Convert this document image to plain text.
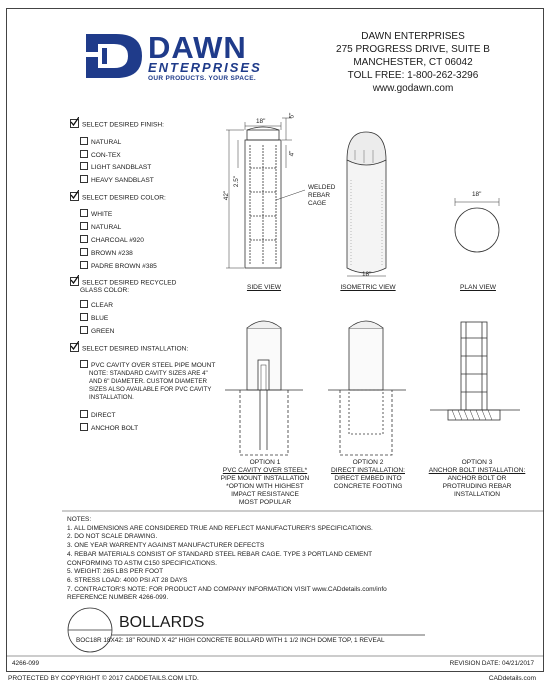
DAWN
ENTERPRISES
OUR PRODUCTS. YOUR SPACE.
DAWN ENTERPRISES
275 PROGRESS DRIVE, SUITE B
MANCHESTER, CT 06042
TOLL FREE: 1-800-262-3296
www.godawn.com
SELECT DESIRED FINISH:
NATURAL
CON-TEX
LIGHT SANDBLAST
HEAVY SANDBLAST
SELECT DESIRED COLOR:
WHITE
NATURAL
CHARCOAL #920
BROWN #238
PADRE BROWN #385
SELECT DESIRED RECYCLED
GLASS COLOR:
CLEAR
BLUE
GREEN
SELECT DESIRED INSTALLATION:
PVC CAVITY OVER STEEL PIPE MOUNT
NOTE: STANDARD CAVITY SIZES ARE 4"
AND 6" DIAMETER. CUSTOM DIAMETER
SIZES ALSO AVAILABLE FOR PVC CAVITY
INSTALLATION.
DIRECT
ANCHOR BOLT
18"
5"
4"
42"
2.5"
WELDED
REBAR
CAGE
SIDE VIEW
18"
ISOMETRIC VIEW
18"
PLAN VIEW
OPTION 1
PVC CAVITY OVER STEEL*
PIPE MOUNT INSTALLATION
*OPTION WITH HIGHEST
IMPACT RESISTANCE
MOST POPULAR
OPTION 2
DIRECT INSTALLATION:
DIRECT EMBED INTO
CONCRETE FOOTING
OPTION 3
ANCHOR BOLT INSTALLATION:
ANCHOR BOLT OR
PROTRUDING REBAR
INSTALLATION
NOTES:
1. ALL DIMENSIONS ARE CONSIDERED TRUE AND REFLECT MANUFACTURER'S SPECIFICATIONS.
2. DO NOT SCALE DRAWING.
3. ONE YEAR WARRENTY AGAINST MANUFACTURER DEFECTS
4. REBAR MATERIALS CONSIST OF STANDARD STEEL REBAR CAGE. TYPE 3 PORTLAND CEMENT
CONFORMING TO ASTM C150 SPECIFICATIONS.
5. WEIGHT: 265 LBS PER FOOT
6. STRESS LOAD: 4000 PSI AT 28 DAYS
7. CONTRACTOR'S NOTE: FOR PRODUCT AND COMPANY INFORMATION VISIT www.CADdetails.com/info
REFERENCE NUMBER 4266-099.
BOLLARDS
BOC18R 18X42: 18" ROUND X 42" HIGH CONCRETE BOLLARD WITH 1 1/2 INCH DOME TOP, 1 REVEAL
4266-099	REVISION DATE: 04/21/2017
PROTECTED BY COPYRIGHT © 2017 CADDETAILS.COM LTD.	CADdetails.com
